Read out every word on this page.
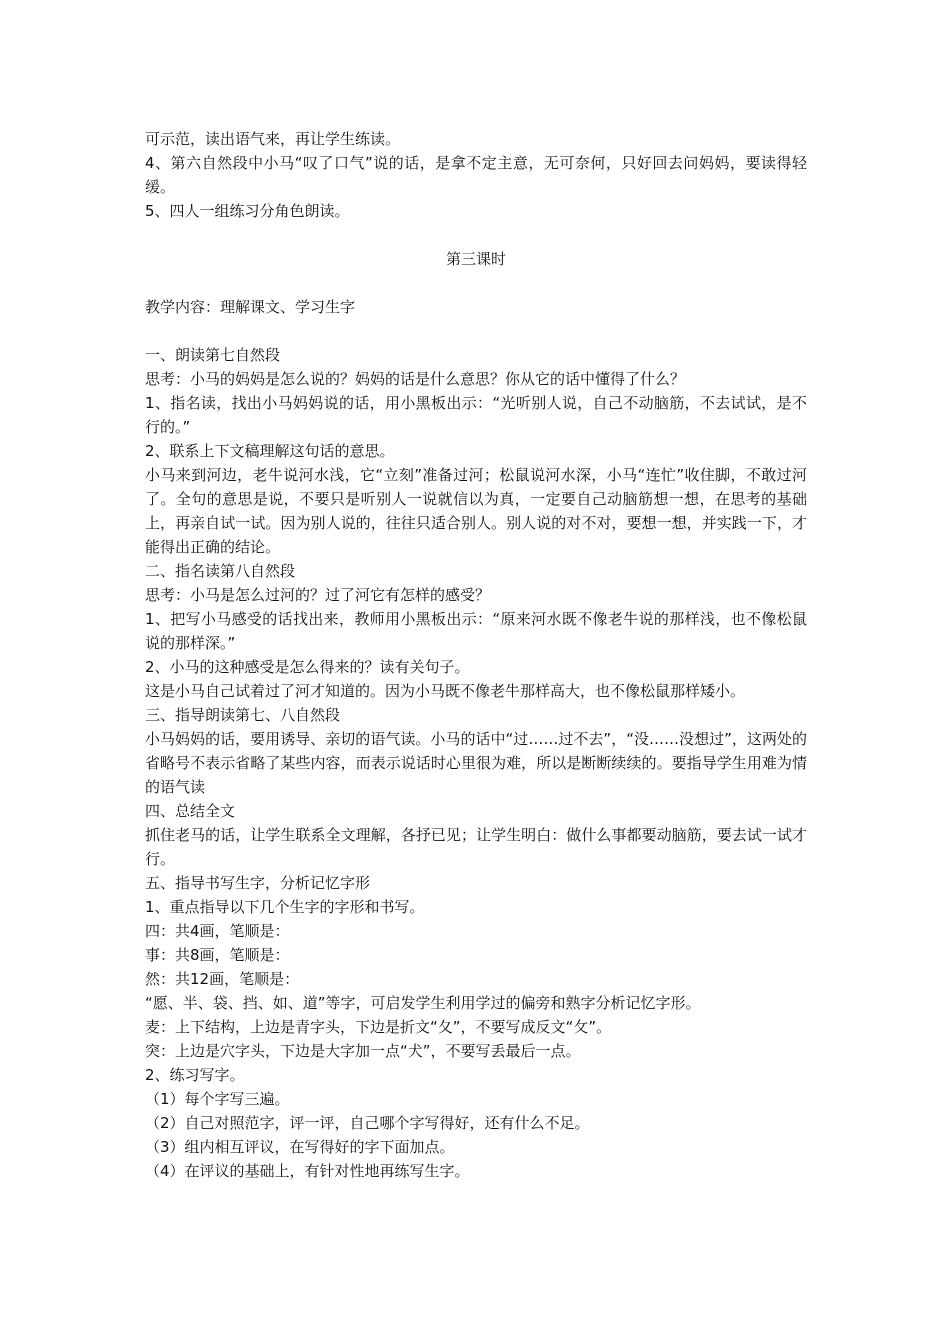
可示范，读出语气来，再让学生练读。

4、第六自然段中小马“叹了口气”说的话，是拿不定主意，无可奈何，只好回去问妈妈，要读得轻缓。

5、四人一组练习分角色朗读。

第三课时

教学内容：理解课文、学习生字

一、朗读第七自然段

思考：小马的妈妈是怎么说的？妈妈的话是什么意思？你从它的话中懂得了什么？

1、指名读，找出小马妈妈说的话，用小黑板出示：“光听别人说，自己不动脑筋，不去试试，是不行的。”

2、联系上下文稿理解这句话的意思。

小马来到河边，老牛说河水浅，它“立刻”准备过河；松鼠说河水深，小马“连忙”收住脚，不敢过河了。全句的意思是说，不要只是听别人一说就信以为真，一定要自己动脑筋想一想，在思考的基础上，再亲自试一试。因为别人说的，往往只适合别人。别人说的对不对，要想一想，并实践一下，才能得出正确的结论。

二、指名读第八自然段

思考：小马是怎么过河的？过了河它有怎样的感受？

1、把写小马感受的话找出来，教师用小黑板出示：“原来河水既不像老牛说的那样浅，也不像松鼠说的那样深。”

2、小马的这种感受是怎么得来的？读有关句子。

这是小马自己试着过了河才知道的。因为小马既不像老牛那样高大，也不像松鼠那样矮小。

三、指导朗读第七、八自然段

小马妈妈的话，要用诱导、亲切的语气读。小马的话中“过……过不去”，“没……没想过”，这两处的省略号不表示省略了某些内容，而表示说话时心里很为难，所以是断断续续的。要指导学生用难为情的语气读

四、总结全文

抓住老马的话，让学生联系全文理解，各抒已见；让学生明白：做什么事都要动脑筋，要去试一试才行。

五、指导书写生字，分析记忆字形

1、重点指导以下几个生字的字形和书写。

四：共4画，笔顺是：

事：共8画，笔顺是：

然：共12画，笔顺是：

“愿、半、袋、挡、如、道”等字，可启发学生利用学过的偏旁和熟字分析记忆字形。

麦：上下结构，上边是青字头，下边是折文“夂”，不要写成反文“攵”。

突：上边是穴字头，下边是大字加一点“犬”，不要写丢最后一点。

2、练习写字。

（1）每个字写三遍。

（2）自己对照范字，评一评，自己哪个字写得好，还有什么不足。

（3）组内相互评议，在写得好的字下面加点。

（4）在评议的基础上，有针对性地再练写生字。
